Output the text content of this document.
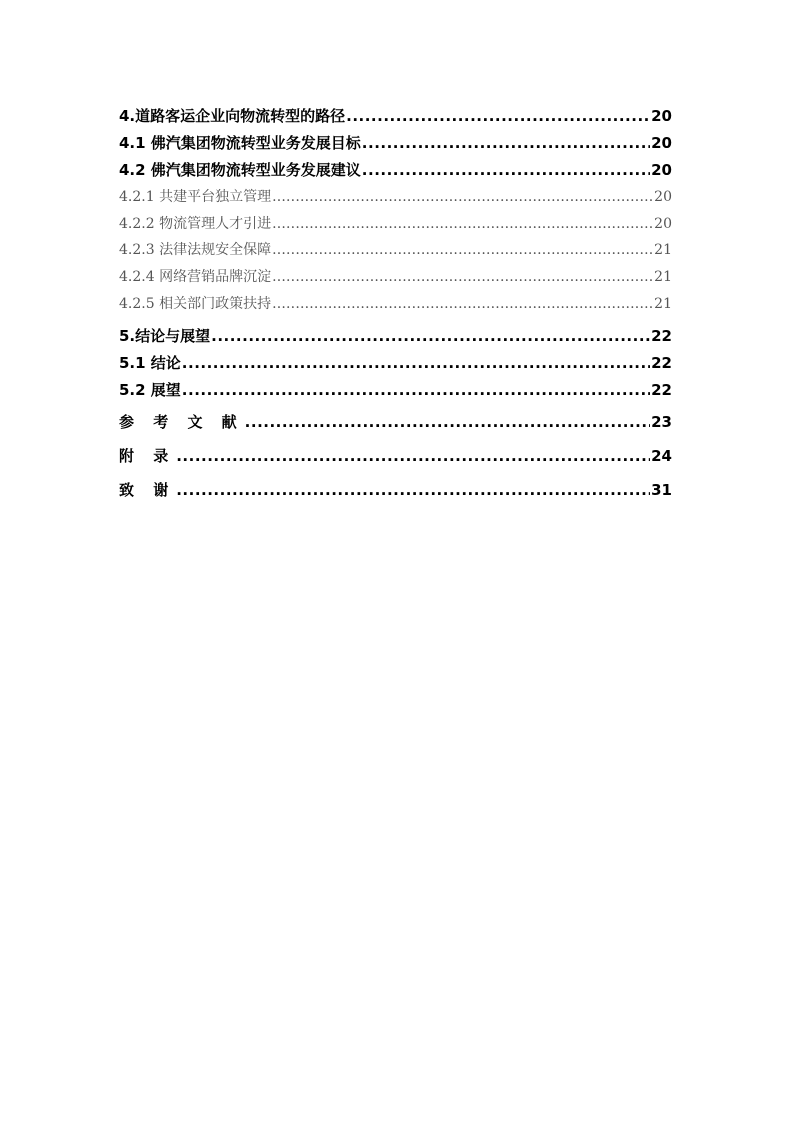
4.道路客运企业向物流转型的路径 .....	20
4.1 佛汽集团物流转型业务发展目标 .....	20
4.2 佛汽集团物流转型业务发展建议 .....	20
4.2.1 共建平台独立管理 .....	20
4.2.2 物流管理人才引进 .....	20
4.2.3 法律法规安全保障 .....	21
4.2.4 网络营销品牌沉淀 .....	21
4.2.5 相关部门政策扶持 .....	21
5.结论与展望 .....	22
5.1 结论 .....	22
5.2 展望 .....	22
参 考 文 献 .....	23
附 录 .....	24
致 谢 .....	31
